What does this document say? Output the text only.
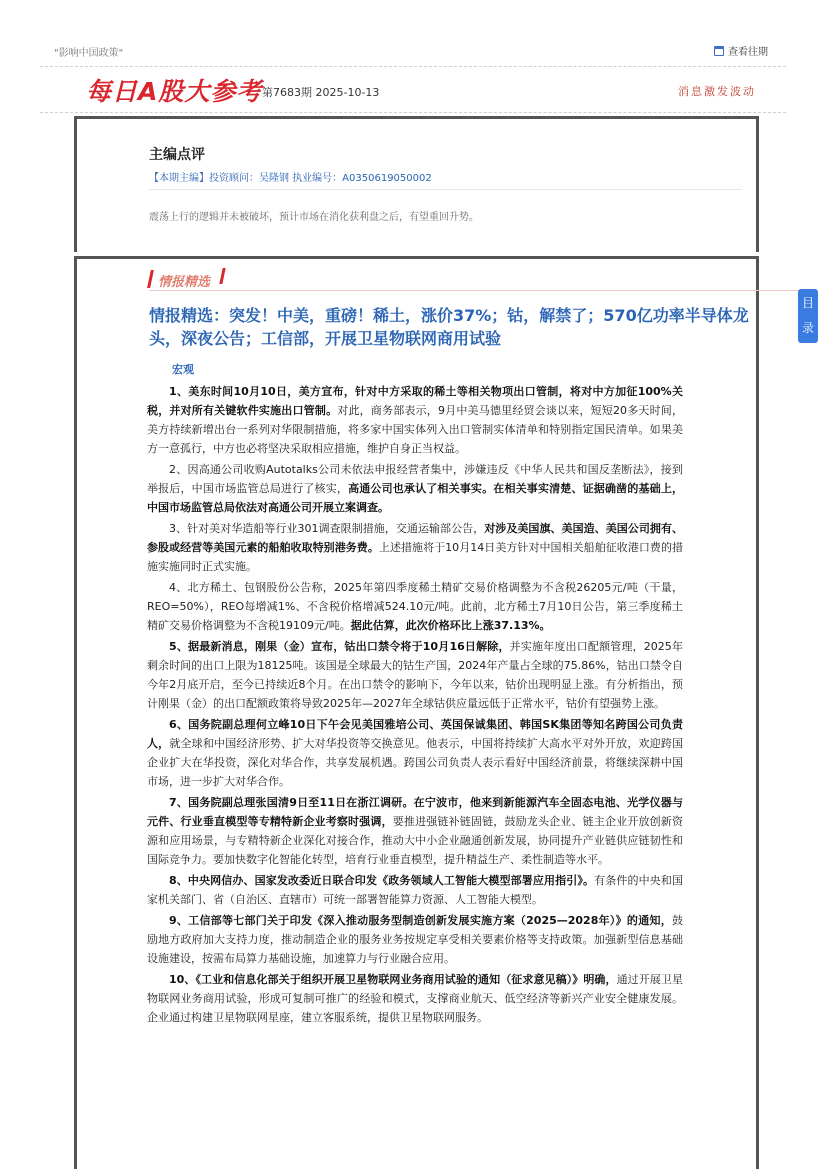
"影响中国政策"	查看往期
每日A股大参考 第7683期 2025-10-13	消息激发波动
主编点评
【本期主编】投资顾问：吴隆钢 执业编号：A0350619050002
震荡上行的逻辑并未被破坏，预计市场在消化获利盘之后，有望重回升势。
情报精选
情报精选：突发！中美，重磅！稀土，涨价37%；钴，解禁了；570亿功率半导体龙头，深夜公告；工信部，开展卫星物联网商用试验
宏观

1、美东时间10月10日，美方宣布，针对中方采取的稀土等相关物项出口管制，将对中方加征100%关税，并对所有关键软件实施出口管制。对此，商务部表示，9月中美马德里经贸会谈以来，短短20多天时间，美方持续新增出台一系列对华限制措施，将多家中国实体列入出口管制实体清单和特别指定国民清单。如果美方一意孤行，中方也必将坚决采取相应措施，维护自身正当权益。

2、因高通公司收购Autotalks公司未依法申报经营者集中，涉嫌违反《中华人民共和国反垄断法》，接到举报后，中国市场监管总局进行了核实，高通公司也承认了相关事实。在相关事实清楚、证据确凿的基础上，中国市场监管总局依法对高通公司开展立案调查。

3、针对美对华造船等行业301调查限制措施，交通运输部公告，对涉及美国旗、美国造、美国公司拥有、参股或经营等美国元素的船舶收取特别港务费。上述措施将于10月14日美方针对中国相关船舶征收港口费的措施实施同时正式实施。

4、北方稀土、包钢股份公告称，2025年第四季度稀土精矿交易价格调整为不含税26205元/吨（干量，REO=50%），REO每增减1%、不含税价格增减524.10元/吨。此前，北方稀土7月10日公告，第三季度稀土精矿交易价格调整为不含税19109元/吨。据此估算，此次价格环比上涨37.13%。

5、据最新消息，刚果（金）宣布，钴出口禁令将于10月16日解除，并实施年度出口配额管理，2025年剩余时间的出口上限为18125吨。该国是全球最大的钴生产国，2024年产量占全球的75.86%，钴出口禁令自今年2月底开启，至今已持续近8个月。在出口禁令的影响下，今年以来，钴价出现明显上涨。有分析指出，预计刚果（金）的出口配额政策将导致2025年—2027年全球钴供应量远低于正常水平，钴价有望强势上涨。

6、国务院副总理何立峰10日下午会见美国雅培公司、英国保诚集团、韩国SK集团等知名跨国公司负责人，就全球和中国经济形势、扩大对华投资等交换意见。他表示，中国将持续扩大高水平对外开放，欢迎跨国企业扩大在华投资，深化对华合作，共享发展机遇。跨国公司负责人表示看好中国经济前景，将继续深耕中国市场，进一步扩大对华合作。

7、国务院副总理张国清9日至11日在浙江调研。在宁波市，他来到新能源汽车全固态电池、光学仪器与元件、行业垂直模型等专精特新企业考察时强调，要推进强链补链固链，鼓励龙头企业、链主企业开放创新资源和应用场景，与专精特新企业深化对接合作，推动大中小企业融通创新发展，协同提升产业链供应链韧性和国际竞争力。要加快数字化智能化转型，培育行业垂直模型，提升精益生产、柔性制造等水平。

8、中央网信办、国家发改委近日联合印发《政务领域人工智能大模型部署应用指引》。有条件的中央和国家机关部门、省（自治区、直辖市）可统一部署智能算力资源、人工智能大模型。

9、工信部等七部门关于印发《深入推动服务型制造创新发展实施方案（2025—2028年）》的通知，鼓励地方政府加大支持力度，推动制造企业的服务业务按规定享受相关要素价格等支持政策。加强新型信息基础设施建设，按需布局算力基础设施，加速算力与行业融合应用。

10、《工业和信息化部关于组织开展卫星物联网业务商用试验的通知（征求意见稿）》明确，通过开展卫星物联网业务商用试验，形成可复制可推广的经验和模式，支撑商业航天、低空经济等新兴产业安全健康发展。企业通过构建卫星物联网星座，建立客服系统，提供卫星物联网服务。

目录
